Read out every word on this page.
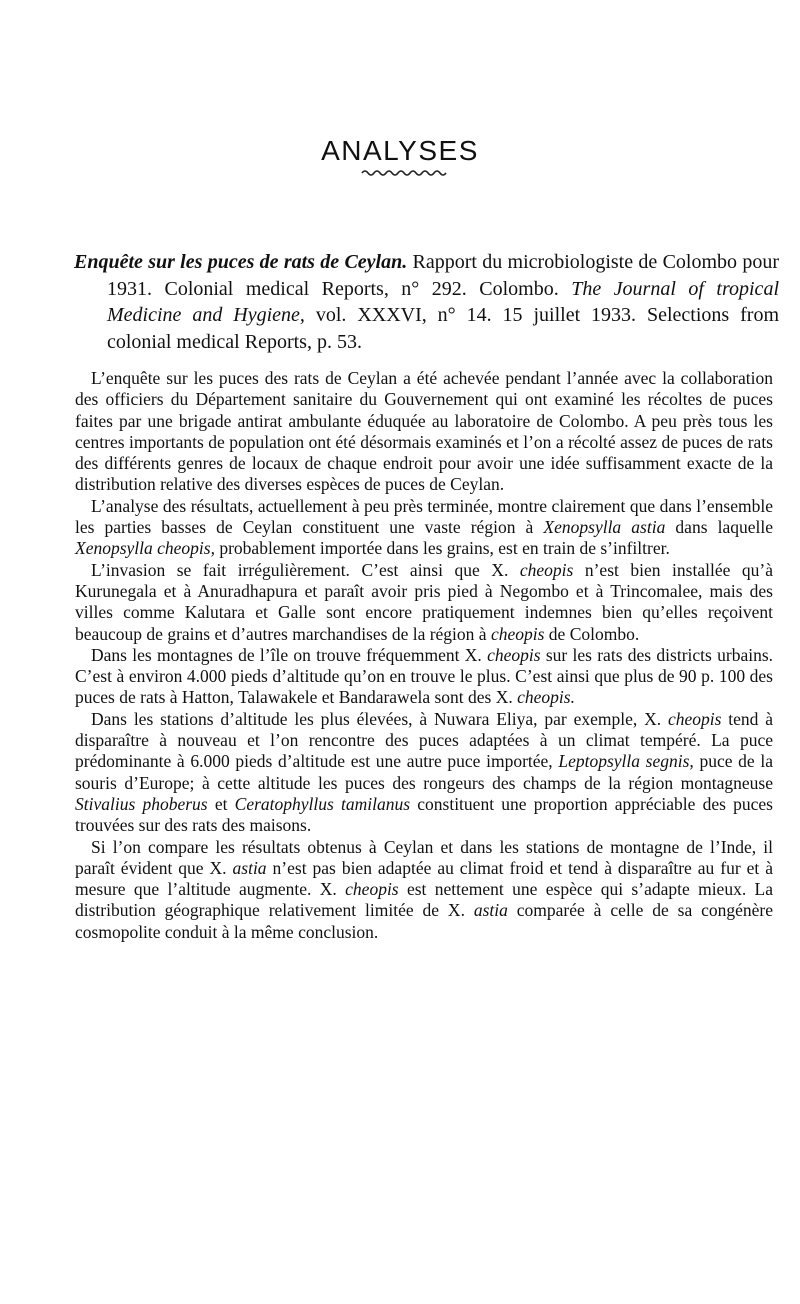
ANALYSES
Enquête sur les puces de rats de Ceylan. Rapport du microbiologiste de Colombo pour 1931. Colonial medical Reports, n° 292. Colombo. The Journal of tropical Medicine and Hygiene, vol. XXXVI, n° 14. 15 juillet 1933. Selections from colonial medical Reports, p. 53.

L’enquête sur les puces des rats de Ceylan a été achevée pendant l’année avec la collaboration des officiers du Département sanitaire du Gouvernement qui ont examiné les récoltes de puces faites par une brigade antirat ambulante éduquée au laboratoire de Colombo. A peu près tous les centres importants de population ont été désormais examinés et l’on a récolté assez de puces de rats des différents genres de locaux de chaque endroit pour avoir une idée suffisamment exacte de la distribution relative des diverses espèces de puces de Ceylan.

L’analyse des résultats, actuellement à peu près terminée, montre clairement que dans l’ensemble les parties basses de Ceylan constituent une vaste région à Xenopsylla astia dans laquelle Xenopsylla cheopis, probablement importée dans les grains, est en train de s’infiltrer.

L’invasion se fait irrégulièrement. C’est ainsi que X. cheopis n’est bien installée qu’à Kurunegala et à Anuradhapura et paraît avoir pris pied à Negombo et à Trincomalee, mais des villes comme Kalutara et Galle sont encore pratiquement indemnes bien qu’elles reçoivent beaucoup de grains et d’autres marchandises de la région à cheopis de Colombo.

Dans les montagnes de l’île on trouve fréquemment X. cheopis sur les rats des districts urbains. C’est à environ 4.000 pieds d’altitude qu’on en trouve le plus. C’est ainsi que plus de 90 p. 100 des puces de rats à Hatton, Talawakele et Bandarawela sont des X. cheopis.

Dans les stations d’altitude les plus élevées, à Nuwara Eliya, par exemple, X. cheopis tend à disparaître à nouveau et l’on rencontre des puces adaptées à un climat tempéré. La puce prédominante à 6.000 pieds d’altitude est une autre puce importée, Leptopsylla segnis, puce de la souris d’Europe; à cette altitude les puces des rongeurs des champs de la région montagneuse Stivalius phoberus et Ceratophyllus tamilanus constituent une proportion appréciable des puces trouvées sur des rats des maisons.

Si l’on compare les résultats obtenus à Ceylan et dans les stations de montagne de l’Inde, il paraît évident que X. astia n’est pas bien adaptée au climat froid et tend à disparaître au fur et à mesure que l’altitude augmente. X. cheopis est nettement une espèce qui s’adapte mieux. La distribution géographique relativement limitée de X. astia comparée à celle de sa congénère cosmopolite conduit à la même conclusion.
